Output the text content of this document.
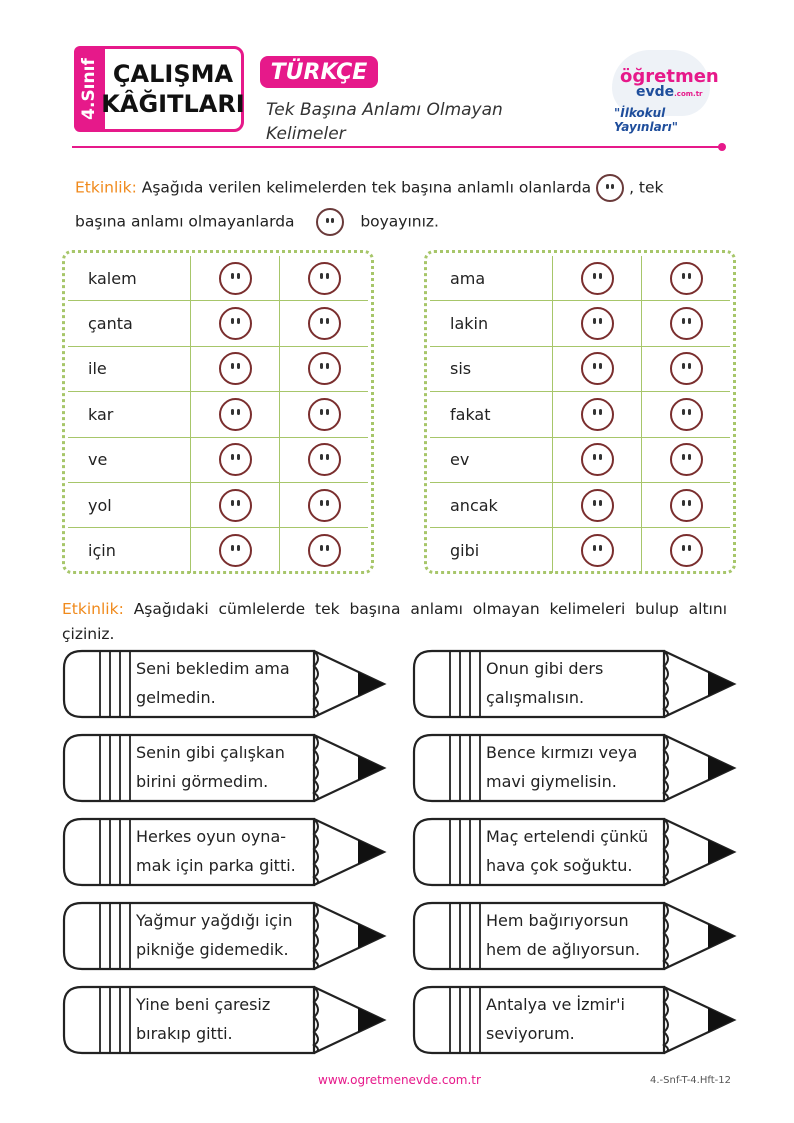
4.Sınıf ÇALIŞMA
KÂĞITLARI
TÜRKÇE
Tek Başına Anlamı Olmayan
Kelimeler
öğretmen
evde.com.tr
"İlkokul Yayınları"
Etkinlik: Aşağıda verilen kelimelerden tek başına anlamlı olanlarda , tek
başına anlamı olmayanlarda	boyayınız.
kalem	

çanta	

ile	

kar	

ve	

yol	

için	

ama	

lakin	

sis	

fakat	

ev	

ancak	

gibi	

Etkinlik: Aşağıdaki cümlelerde tek başına anlamı olmayan kelimeleri bulup altını çiziniz.
Seni bekledim ama
gelmedin.
Onun gibi ders
çalışmalısın.
Senin gibi çalışkan
birini görmedim.
Bence kırmızı veya
mavi giymelisin.
Herkes oyun oyna-
mak için parka gitti.
Maç ertelendi çünkü
hava çok soğuktu.
Yağmur yağdığı için
pikniğe gidemedik.
Hem bağırıyorsun
hem de ağlıyorsun.
Yine beni çaresiz
bırakıp gitti.
Antalya ve İzmir'i
seviyorum.
www.ogretmenevde.com.tr	4.-Snf-T-4.Hft-12
